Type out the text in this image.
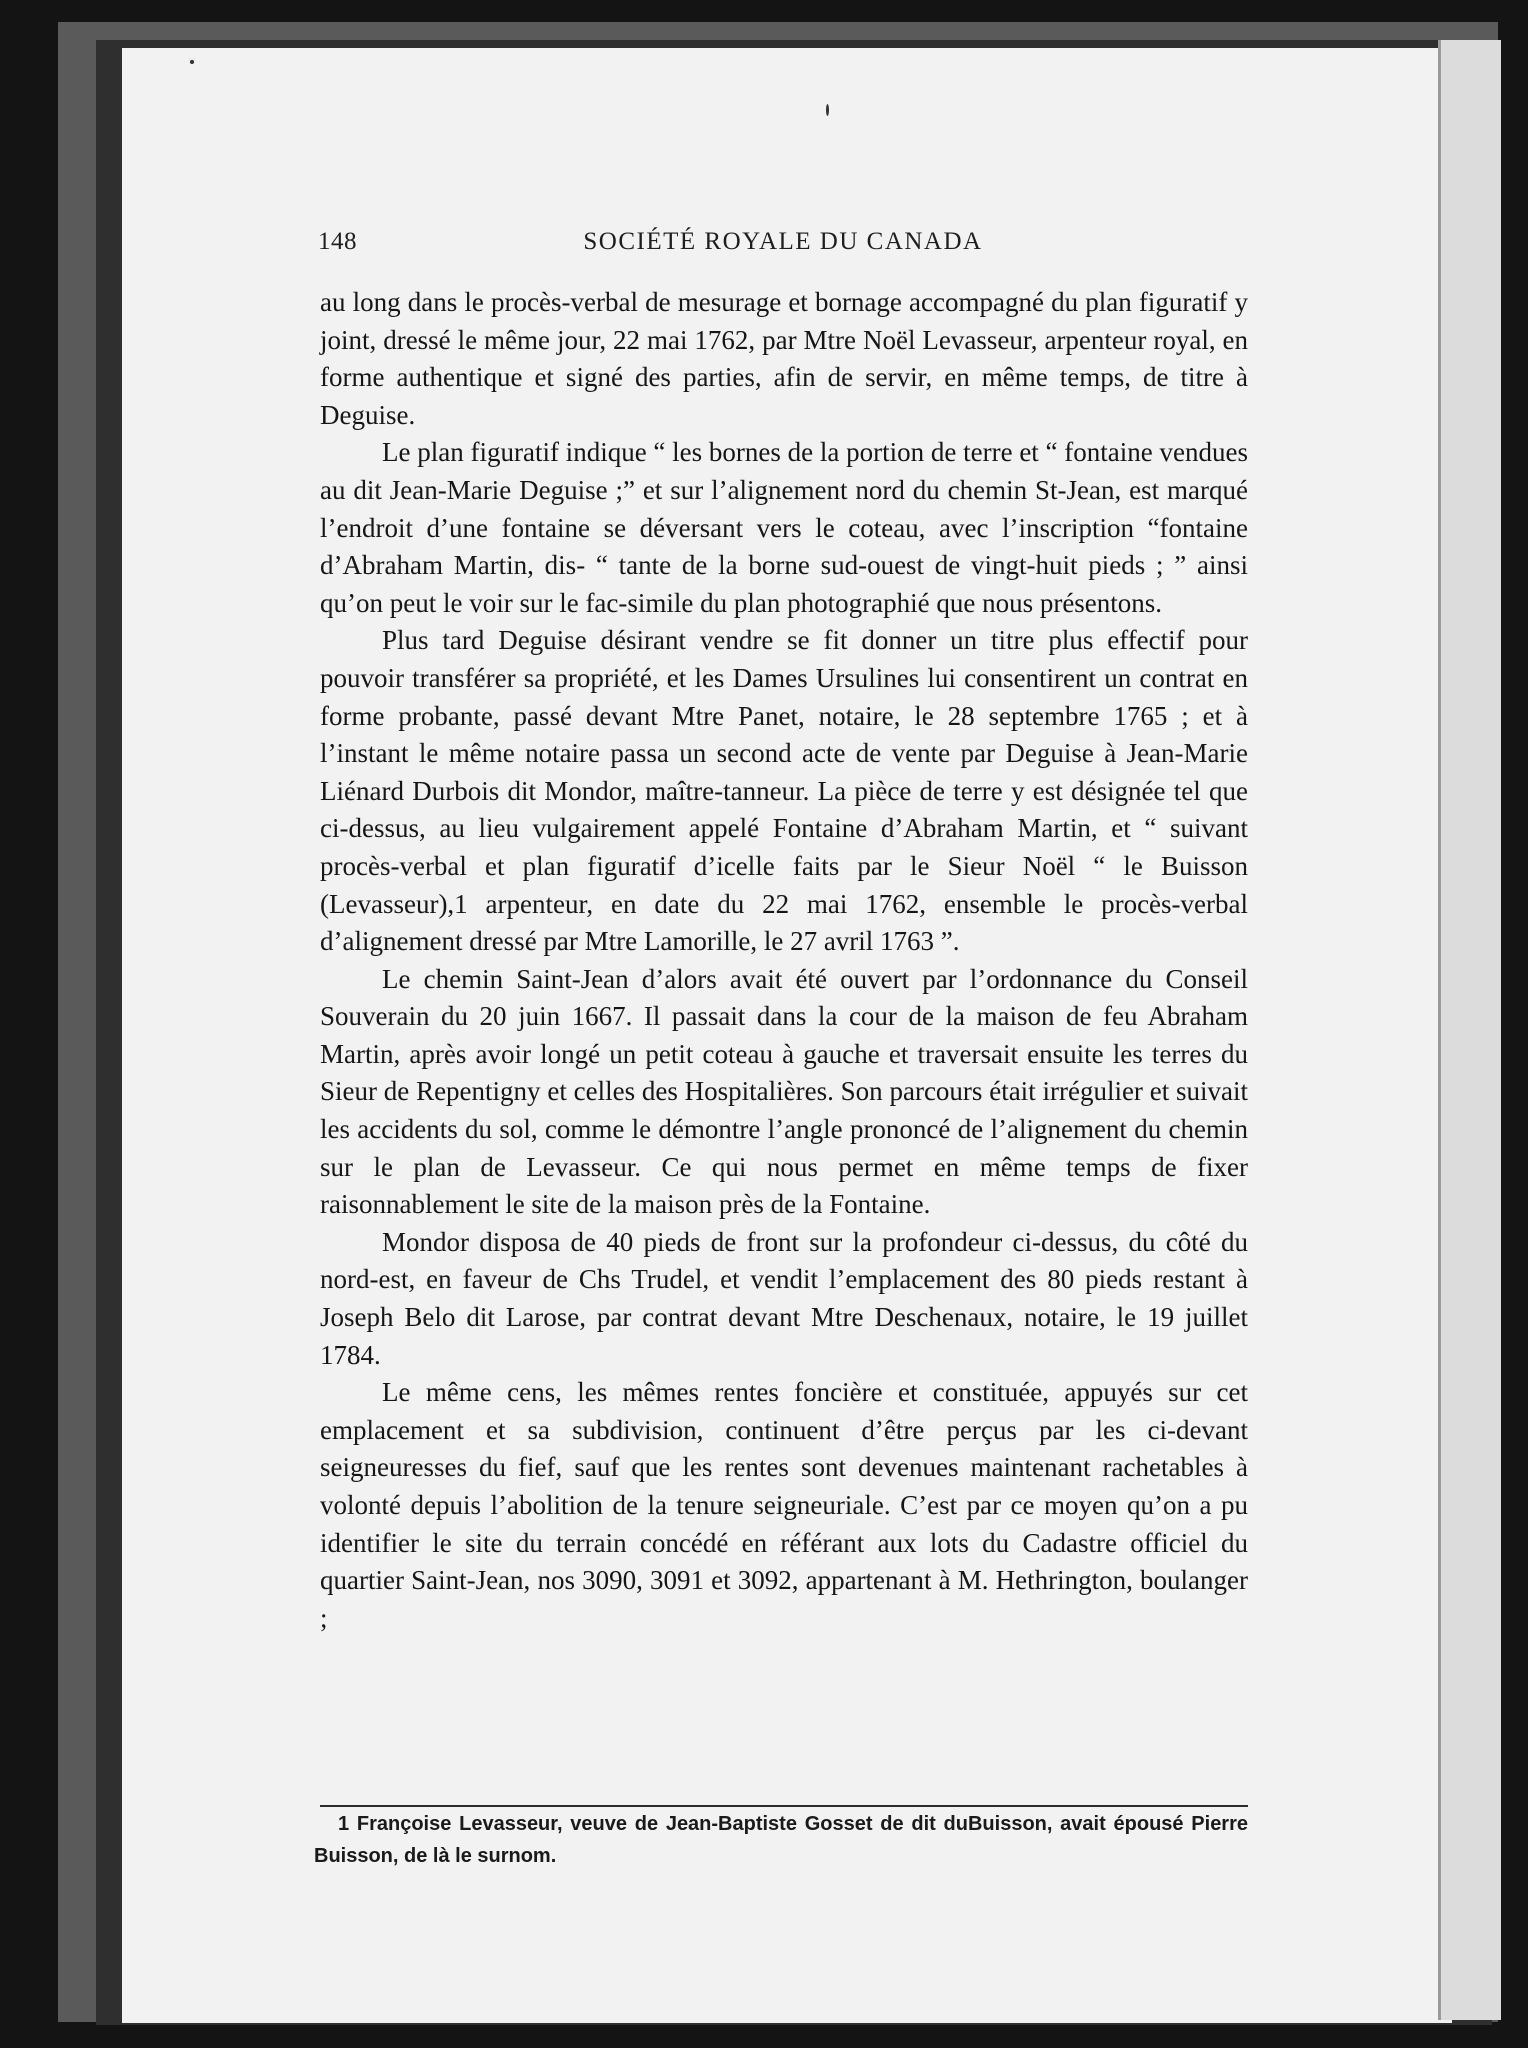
148	SOCIÉTÉ ROYALE DU CANADA

au long dans le procès-verbal de mesurage et bornage accompagné du plan figuratif y joint, dressé le même jour, 22 mai 1762, par Mtre Noël Levasseur, arpenteur royal, en forme authentique et signé des parties, afin de servir, en même temps, de titre à Deguise.

Le plan figuratif indique “ les bornes de la portion de terre et “ fontaine vendues au dit Jean-Marie Deguise ;” et sur l’alignement nord du chemin St-Jean, est marqué l’endroit d’une fontaine se déversant vers le coteau, avec l’inscription “fontaine d’Abraham Martin, dis- “ tante de la borne sud-ouest de vingt-huit pieds ; ” ainsi qu’on peut le voir sur le fac-simile du plan photographié que nous présentons.

Plus tard Deguise désirant vendre se fit donner un titre plus effectif pour pouvoir transférer sa propriété, et les Dames Ursulines lui consentirent un contrat en forme probante, passé devant Mtre Panet, notaire, le 28 septembre 1765 ; et à l’instant le même notaire passa un second acte de vente par Deguise à Jean-Marie Liénard Durbois dit Mondor, maître-tanneur. La pièce de terre y est désignée tel que ci-dessus, au lieu vulgairement appelé Fontaine d’Abraham Martin, et “ suivant procès-verbal et plan figuratif d’icelle faits par le Sieur Noël “ le Buisson (Levasseur),1 arpenteur, en date du 22 mai 1762, ensemble le procès-verbal d’alignement dressé par Mtre Lamorille, le 27 avril 1763 ”.

Le chemin Saint-Jean d’alors avait été ouvert par l’ordonnance du Conseil Souverain du 20 juin 1667. Il passait dans la cour de la maison de feu Abraham Martin, après avoir longé un petit coteau à gauche et traversait ensuite les terres du Sieur de Repentigny et celles des Hospitalières. Son parcours était irrégulier et suivait les accidents du sol, comme le démontre l’angle prononcé de l’alignement du chemin sur le plan de Levasseur. Ce qui nous permet en même temps de fixer raisonnablement le site de la maison près de la Fontaine.

Mondor disposa de 40 pieds de front sur la profondeur ci-dessus, du côté du nord-est, en faveur de Chs Trudel, et vendit l’emplacement des 80 pieds restant à Joseph Belo dit Larose, par contrat devant Mtre Deschenaux, notaire, le 19 juillet 1784.

Le même cens, les mêmes rentes foncière et constituée, appuyés sur cet emplacement et sa subdivision, continuent d’être perçus par les ci-devant seigneuresses du fief, sauf que les rentes sont devenues maintenant rachetables à volonté depuis l’abolition de la tenure seigneuriale. C’est par ce moyen qu’on a pu identifier le site du terrain concédé en référant aux lots du Cadastre officiel du quartier Saint-Jean, nos 3090, 3091 et 3092, appartenant à M. Hethrington, boulanger ;

1 Françoise Levasseur, veuve de Jean-Baptiste Gosset de dit duBuisson, avait épousé Pierre Buisson, de là le surnom.
